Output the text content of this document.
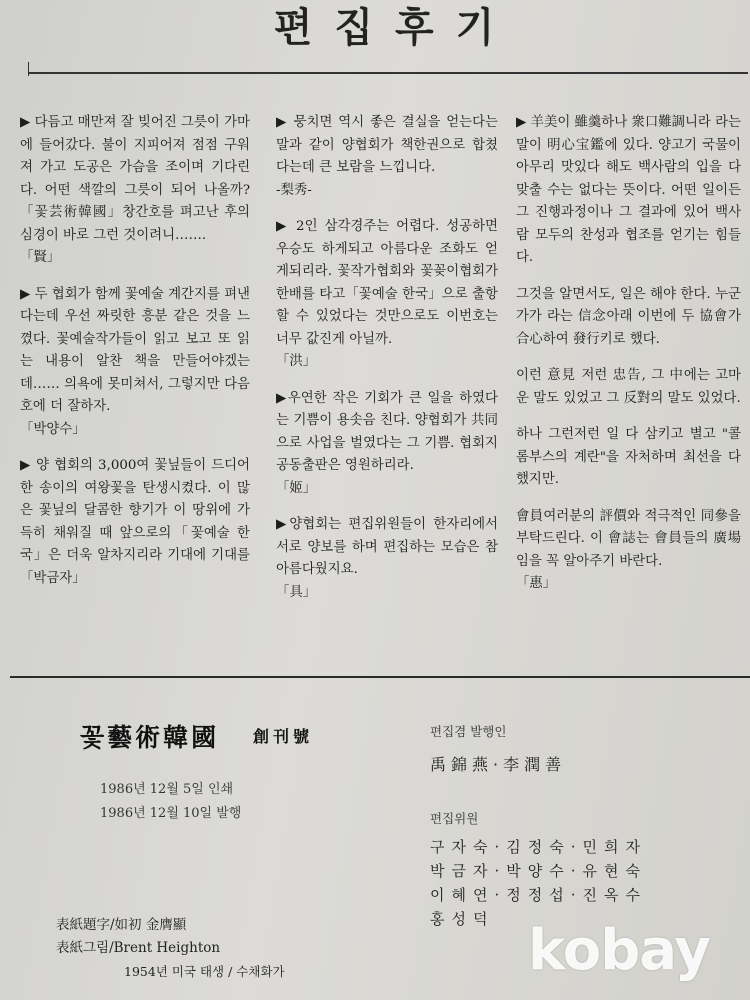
편집후기

▶ 다듬고 매만져 잘 빚어진 그릇이 가마에 들어갔다. 불이 지피어져 점점 구워져 가고 도공은 가슴을 조이며 기다린다. 어떤 색깔의 그릇이 되어 나올까? 「꽃芸術韓國」창간호를 펴고난 후의 심경이 바로 그런 것이려니…….

「賢」

▶ 두 협회가 함께 꽃예술 계간지를 펴낸다는데 우선 짜릿한 흥분 같은 것을 느꼈다. 꽃예술작가들이 읽고 보고 또 읽는 내용이 알찬 책을 만들어야겠는데…… 의욕에 못미쳐서, 그렇지만 다음 호에 더 잘하자.

「박양수」

▶ 양 협회의 3,000여 꽃닢들이 드디어 한 송이의 여왕꽃을 탄생시켰다. 이 많은 꽃닢의 달콤한 향기가 이 땅위에 가득히 채워질 때 앞으로의「꽃예술 한국」은 더욱 알차지리라 기대에 기대를「박금자」

▶ 뭉치면 역시 좋은 결실을 얻는다는 말과 같이 양협회가 책한권으로 합쳤다는데 큰 보람을 느낍니다.

-梨秀-

▶ 2인 삼각경주는 어렵다. 성공하면 우승도 하게되고 아름다운 조화도 얻게되리라. 꽃작가협회와 꽃꽂이협회가 한배를 타고「꽃예술 한국」으로 출항할 수 있었다는 것만으로도 이번호는 너무 값진게 아닐까.

「洪」

▶우연한 작은 기회가 큰 일을 하였다는 기쁨이 용솟음 친다. 양협회가 共同으로 사업을 벌였다는 그 기쁨. 협회지 공동출판은 영원하리라.

「姬」

▶양협회는 편집위원들이 한자리에서 서로 양보를 하며 편집하는 모습은 참 아름다웠지요.

「具」

▶ 羊美이 雖羹하나 衆口難調니라 라는 말이 明心宝鑑에 있다. 양고기 국물이 아무리 맛있다 해도 백사람의 입을 다 맞출 수는 없다는 뜻이다. 어떤 일이든 그 진행과정이나 그 결과에 있어 백사람 모두의 찬성과 협조를 얻기는 힘들다.

그것을 알면서도, 일은 해야 한다. 누군가가 라는 信念아래 이번에 두 協會가 合心하여 發行키로 했다.

이런 意見 저런 忠告, 그 中에는 고마운 말도 있었고 그 反對의 말도 있었다.

하나 그런저런 일 다 삼키고 별고 "콜롬부스의 계란"을 자처하며 최선을 다했지만.

會員여러분의 評價와 적극적인 同參을 부탁드린다. 이 會誌는 會員들의 廣場임을 꼭 알아주기 바란다.

「惠」

꽃藝術韓國 創刊號
1986년 12월 5일 인쇄
1986년 12월 10일 발행
表紙題字/如初 金膺顯
表紙그림/Brent Heighton
1954년 미국 태생 / 수채화가

편집겸 발행인

禹錦燕·李潤善

편집위원

구자숙·김정숙·민희자
박금자·박양수·유현숙
이혜연·정정섭·진옥수
홍성덕 kobay
